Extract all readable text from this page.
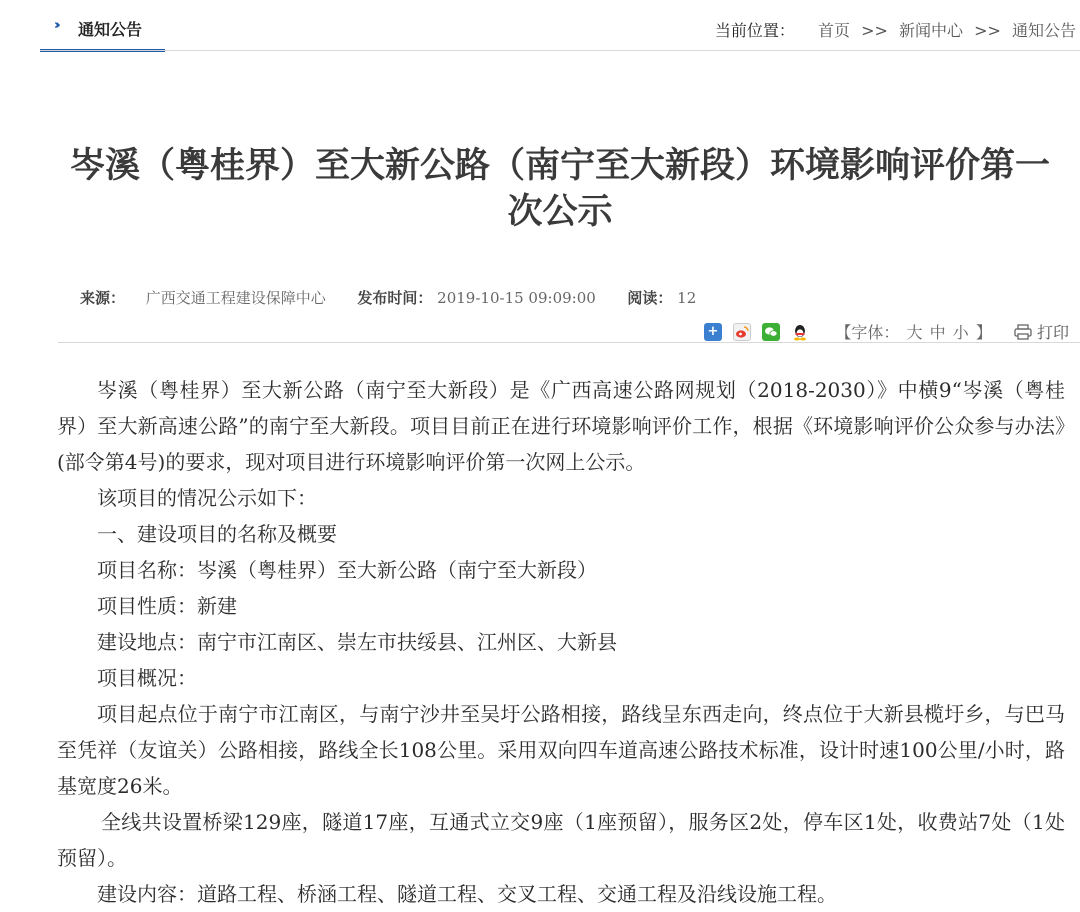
›› 通知公告	当前位置： 首页 >> 新闻中心 >> 通知公告
岑溪（粤桂界）至大新公路（南宁至大新段）环境影响评价第一次公示
来源： 广西交通工程建设保障中心 发布时间： 2019-10-15 09:09:00 阅读： 12
+

	【字体： 大 中 小 】	打印

岑溪（粤桂界）至大新公路（南宁至大新段）是《广西高速公路网规划（2018-2030）》中横9“岑溪（粤桂界）至大新高速公路”的南宁至大新段。项目目前正在进行环境影响评价工作，根据《环境影响评价公众参与办法》(部令第4号)的要求，现对项目进行环境影响评价第一次网上公示。

该项目的情况公示如下：

一、建设项目的名称及概要

项目名称：岑溪（粤桂界）至大新公路（南宁至大新段）

项目性质：新建

建设地点：南宁市江南区、崇左市扶绥县、江州区、大新县

项目概况：

项目起点位于南宁市江南区，与南宁沙井至吴圩公路相接，路线呈东西走向，终点位于大新县榄圩乡，与巴马至凭祥（友谊关）公路相接，路线全长108公里。采用双向四车道高速公路技术标准，设计时速100公里/小时，路基宽度26米。

全线共设置桥梁129座，隧道17座，互通式立交9座（1座预留），服务区2处，停车区1处，收费站7处（1处预留）。

建设内容：道路工程、桥涵工程、隧道工程、交叉工程、交通工程及沿线设施工程。
